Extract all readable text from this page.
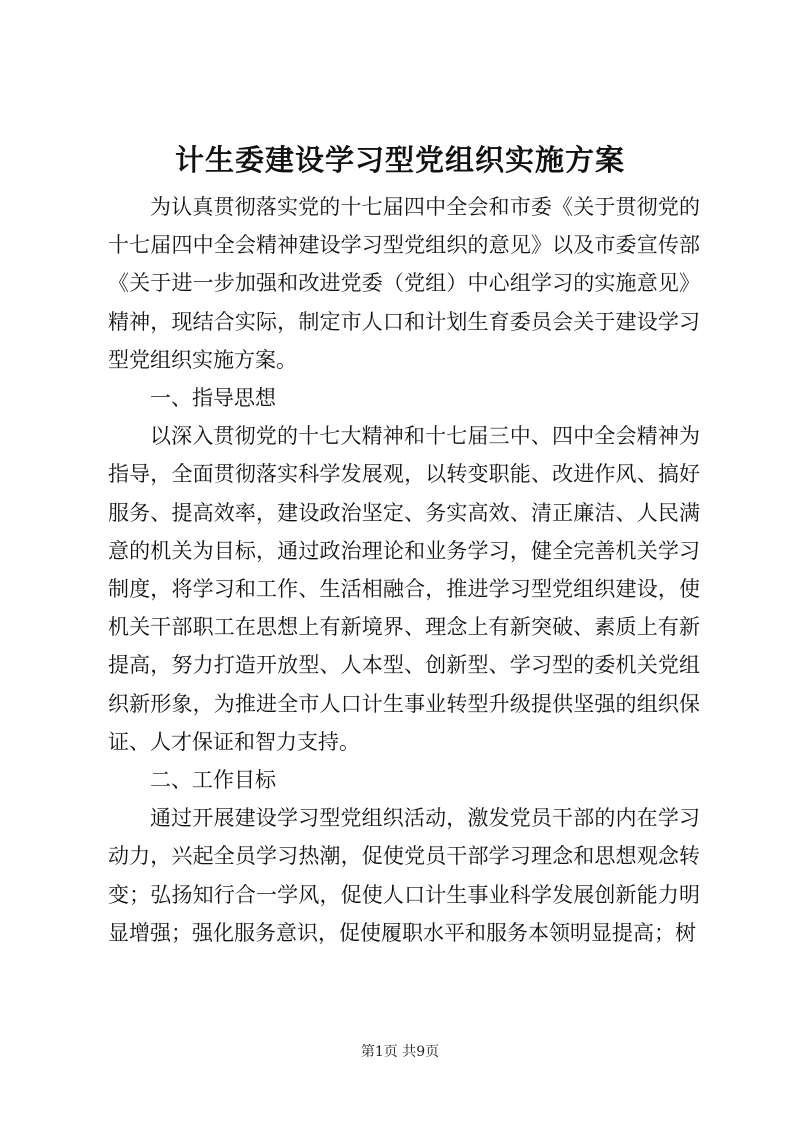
计生委建设学习型党组织实施方案

为认真贯彻落实党的十七届四中全会和市委《关于贯彻党的十七届四中全会精神建设学习型党组织的意见》以及市委宣传部《关于进一步加强和改进党委（党组）中心组学习的实施意见》精神，现结合实际，制定市人口和计划生育委员会关于建设学习型党组织实施方案。

一、指导思想

以深入贯彻党的十七大精神和十七届三中、四中全会精神为指导，全面贯彻落实科学发展观，以转变职能、改进作风、搞好服务、提高效率，建设政治坚定、务实高效、清正廉洁、人民满意的机关为目标，通过政治理论和业务学习，健全完善机关学习制度，将学习和工作、生活相融合，推进学习型党组织建设，使机关干部职工在思想上有新境界、理念上有新突破、素质上有新提高，努力打造开放型、人本型、创新型、学习型的委机关党组织新形象，为推进全市人口计生事业转型升级提供坚强的组织保证、人才保证和智力支持。

二、工作目标

通过开展建设学习型党组织活动，激发党员干部的内在学习动力，兴起全员学习热潮，促使党员干部学习理念和思想观念转变；弘扬知行合一学风，促使人口计生事业科学发展创新能力明显增强；强化服务意识，促使履职水平和服务本领明显提高；树

第1页 共9页
